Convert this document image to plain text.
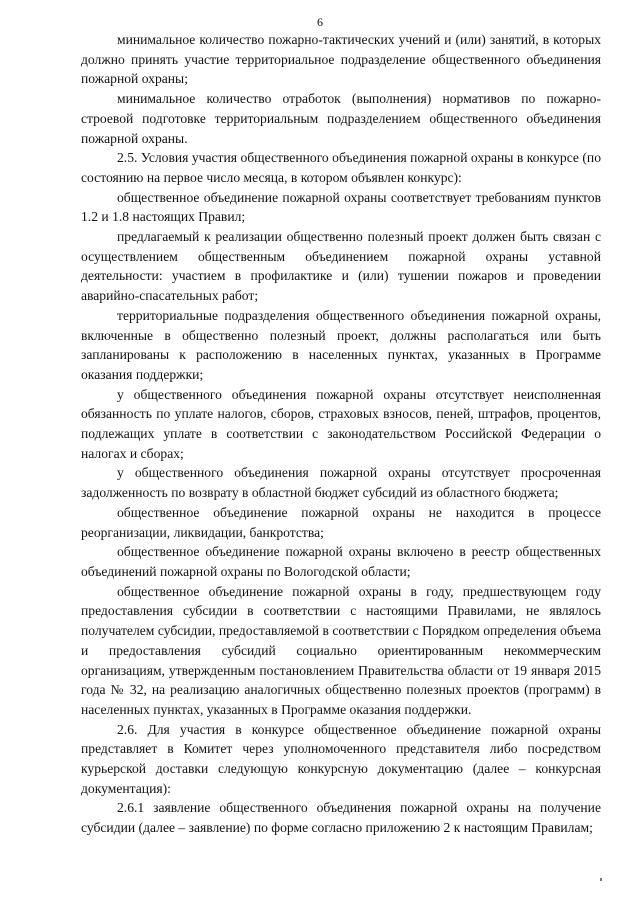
6

минимальное количество пожарно-тактических учений и (или) занятий, в которых должно принять участие территориальное подразделение общественного объединения пожарной охраны;

минимальное количество отработок (выполнения) нормативов по пожарно-строевой подготовке территориальным подразделением общественного объединения пожарной охраны.

2.5. Условия участия общественного объединения пожарной охраны в конкурсе (по состоянию на первое число месяца, в котором объявлен конкурс):

общественное объединение пожарной охраны соответствует требованиям пунктов 1.2 и 1.8 настоящих Правил;

предлагаемый к реализации общественно полезный проект должен быть связан с осуществлением общественным объединением пожарной охраны уставной деятельности: участием в профилактике и (или) тушении пожаров и проведении аварийно-спасательных работ;

территориальные подразделения общественного объединения пожарной охраны, включенные в общественно полезный проект, должны располагаться или быть запланированы к расположению в населенных пунктах, указанных в Программе оказания поддержки;

у общественного объединения пожарной охраны отсутствует неисполненная обязанность по уплате налогов, сборов, страховых взносов, пеней, штрафов, процентов, подлежащих уплате в соответствии с законодательством Российской Федерации о налогах и сборах;

у общественного объединения пожарной охраны отсутствует просроченная задолженность по возврату в областной бюджет субсидий из областного бюджета;

общественное объединение пожарной охраны не находится в процессе реорганизации, ликвидации, банкротства;

общественное объединение пожарной охраны включено в реестр общественных объединений пожарной охраны по Вологодской области;

общественное объединение пожарной охраны в году, предшествующем году предоставления субсидии в соответствии с настоящими Правилами, не являлось получателем субсидии, предоставляемой в соответствии с Порядком определения объема и предоставления субсидий социально ориентированным некоммерческим организациям, утвержденным постановлением Правительства области от 19 января 2015 года № 32, на реализацию аналогичных общественно полезных проектов (программ) в населенных пунктах, указанных в Программе оказания поддержки.

2.6. Для участия в конкурсе общественное объединение пожарной охраны представляет в Комитет через уполномоченного представителя либо посредством курьерской доставки следующую конкурсную документацию (далее – конкурсная документация):

2.6.1 заявление общественного объединения пожарной охраны на получение субсидии (далее – заявление) по форме согласно приложению 2 к настоящим Правилам;
